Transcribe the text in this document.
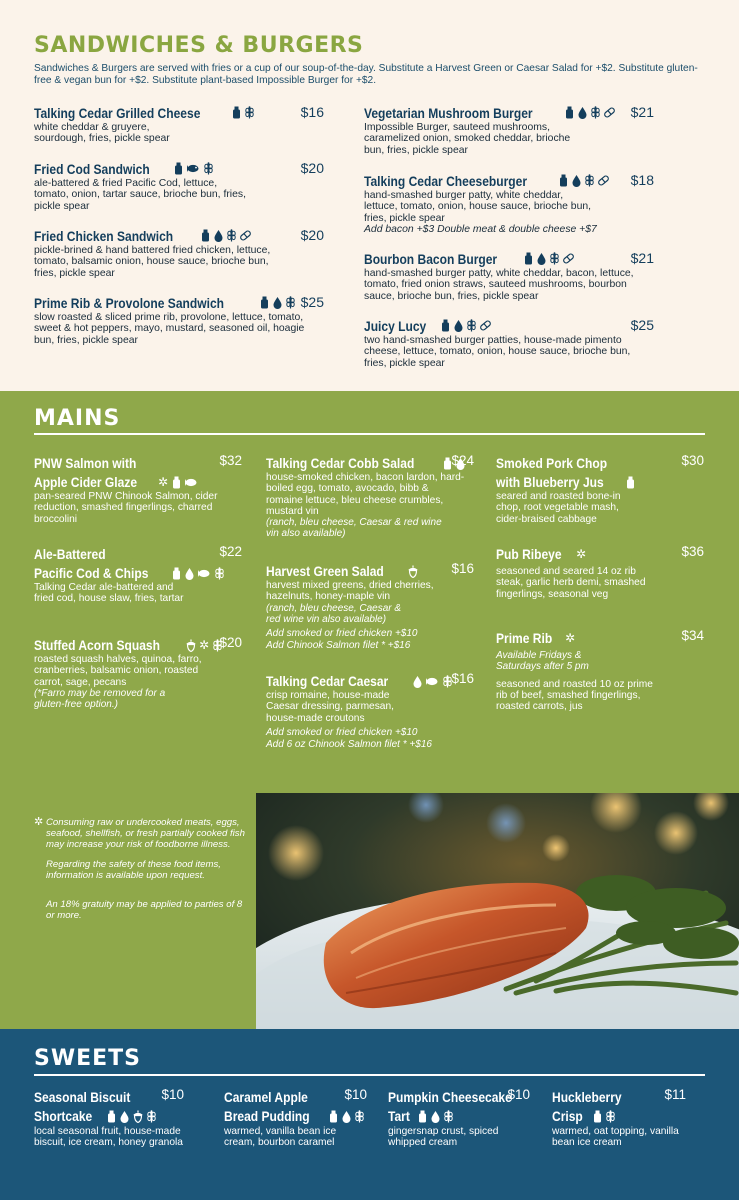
SANDWICHES & BURGERS
Sandwiches & Burgers are served with fries or a cup of our soup-of-the-day. Substitute a Harvest Green or Caesar Salad for +$2. Substitute gluten-free & vegan bun for +$2. Substitute plant-based Impossible Burger for +$2.
Talking Cedar Grilled Cheese	$16
white cheddar & gruyere, sourdough, fries, pickle spear
Fried Cod Sandwich	$20
ale-battered & fried Pacific Cod, lettuce, tomato, onion, tartar sauce, brioche bun, fries, pickle spear
Fried Chicken Sandwich	$20
pickle-brined & hand battered fried chicken, lettuce, tomato, balsamic onion, house sauce, brioche bun, fries, pickle spear
Prime Rib & Provolone Sandwich	$25
slow roasted & sliced prime rib, provolone, lettuce, tomato, sweet & hot peppers, mayo, mustard, seasoned oil, hoagie bun, fries, pickle spear
Vegetarian Mushroom Burger	$21
Impossible Burger, sauteed mushrooms, caramelized onion, smoked cheddar, brioche bun, fries, pickle spear
Talking Cedar Cheeseburger	$18
hand-smashed burger patty, white cheddar, lettuce, tomato, onion, house sauce, brioche bun, fries, pickle spear
Add bacon +$3 Double meat & double cheese +$7
Bourbon Bacon Burger	$21
hand-smashed burger patty, white cheddar, bacon, lettuce, tomato, fried onion straws, sauteed mushrooms, bourbon sauce, brioche bun, fries, pickle spear
Juicy Lucy	$25
two hand-smashed burger patties, house-made pimento cheese, lettuce, tomato, onion, house sauce, brioche bun, fries, pickle spear
MAINS
PNW Salmon with	$32
Apple Cider Glaze ✲
pan-seared PNW Chinook Salmon, cider reduction, smashed fingerlings, charred broccolini
Ale-Battered	$22
Pacific Cod & Chips
Talking Cedar ale-battered and fried cod, house slaw, fries, tartar
Stuffed Acorn Squash	✲ $20
roasted squash halves, quinoa, farro, cranberries, balsamic onion, roasted carrot, sage, pecans
(*Farro may be removed for a gluten-free option.)
Talking Cedar Cobb Salad	$24
house-smoked chicken, bacon lardon, hard-boiled egg, tomato, avocado, bibb & romaine lettuce, bleu cheese crumbles, mustard vin
(ranch, bleu cheese, Caesar & red wine vin also available)
Harvest Green Salad	$16
harvest mixed greens, dried cherries, hazelnuts, honey-maple vin
(ranch, bleu cheese, Caesar & red wine vin also available)
Add smoked or fried chicken +$10
Add Chinook Salmon filet * +$16
Talking Cedar Caesar	$16
crisp romaine, house-made Caesar dressing, parmesan, house-made croutons
Add smoked or fried chicken +$10
Add 6 oz Chinook Salmon filet * +$16
Smoked Pork Chop	$30
with Blueberry Jus
seared and roasted bone-in chop, root vegetable mash, cider-braised cabbage
Pub Ribeye ✲	$36
seasoned and seared 14 oz rib steak, garlic herb demi, smashed fingerlings, seasonal veg
Prime Rib ✲	$34
Available Fridays & Saturdays after 5 pm
seasoned and roasted 10 oz prime rib of beef, smashed fingerlings, roasted carrots, jus

✲ Consuming raw or undercooked meats, eggs, seafood, shellfish, or fresh partially cooked fish may increase your risk of foodborne illness.

Regarding the safety of these food items, information is available upon request.

An 18% gratuity may be applied to parties of 8 or more.

SWEETS
Seasonal Biscuit $10
Shortcake
local seasonal fruit, house-made biscuit, ice cream, honey granola
Caramel Apple	$10
Bread Pudding
warmed, vanilla bean ice cream, bourbon caramel
Pumpkin Cheesecake
$10
Tart
gingersnap crust, spiced whipped cream
Huckleberry	$11
Crisp
warmed, oat topping, vanilla bean ice cream
